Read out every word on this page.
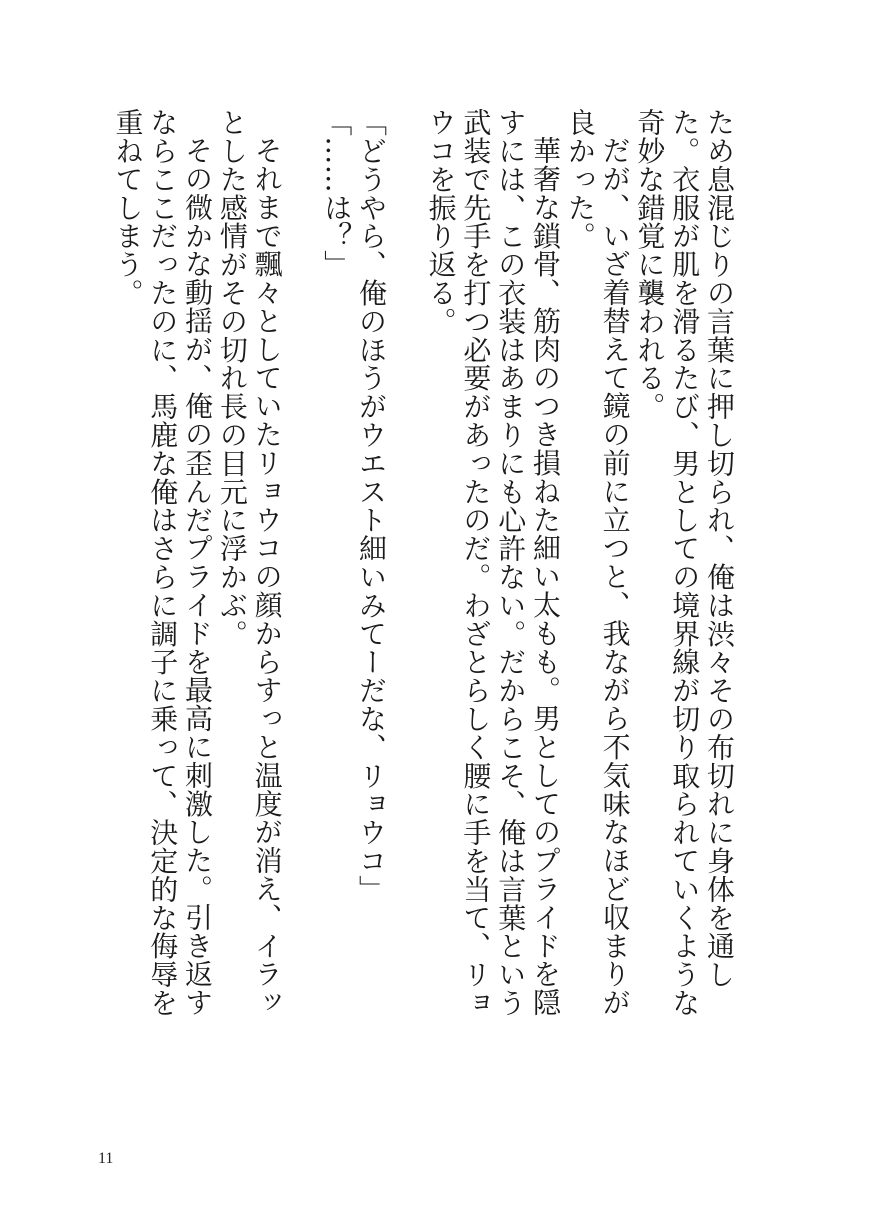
ため息混じりの言葉に押し切られ、俺は渋々その布切れに身体を通した。衣服が肌を滑るたび、男としての境界線が切り取られていくような奇妙な錯覚に襲われる。

だが、いざ着替えて鏡の前に立つと、我ながら不気味なほど収まりが良かった。

華奢な鎖骨、筋肉のつき損ねた細い太もも。男としてのプライドを隠すには、この衣装はあまりにも心許ない。だからこそ、俺は言葉という武装で先手を打つ必要があったのだ。わざとらしく腰に手を当て、リョウコを振り返る。

「どうやら、俺のほうがウエスト細いみてーだな、リョウコ」

「……は？」

それまで飄々としていたリョウコの顔からすっと温度が消え、イラッとした感情がその切れ長の目元に浮かぶ。

その微かな動揺が、俺の歪んだプライドを最高に刺激した。引き返すならここだったのに、馬鹿な俺はさらに調子に乗って、決定的な侮辱を重ねてしまう。

11
